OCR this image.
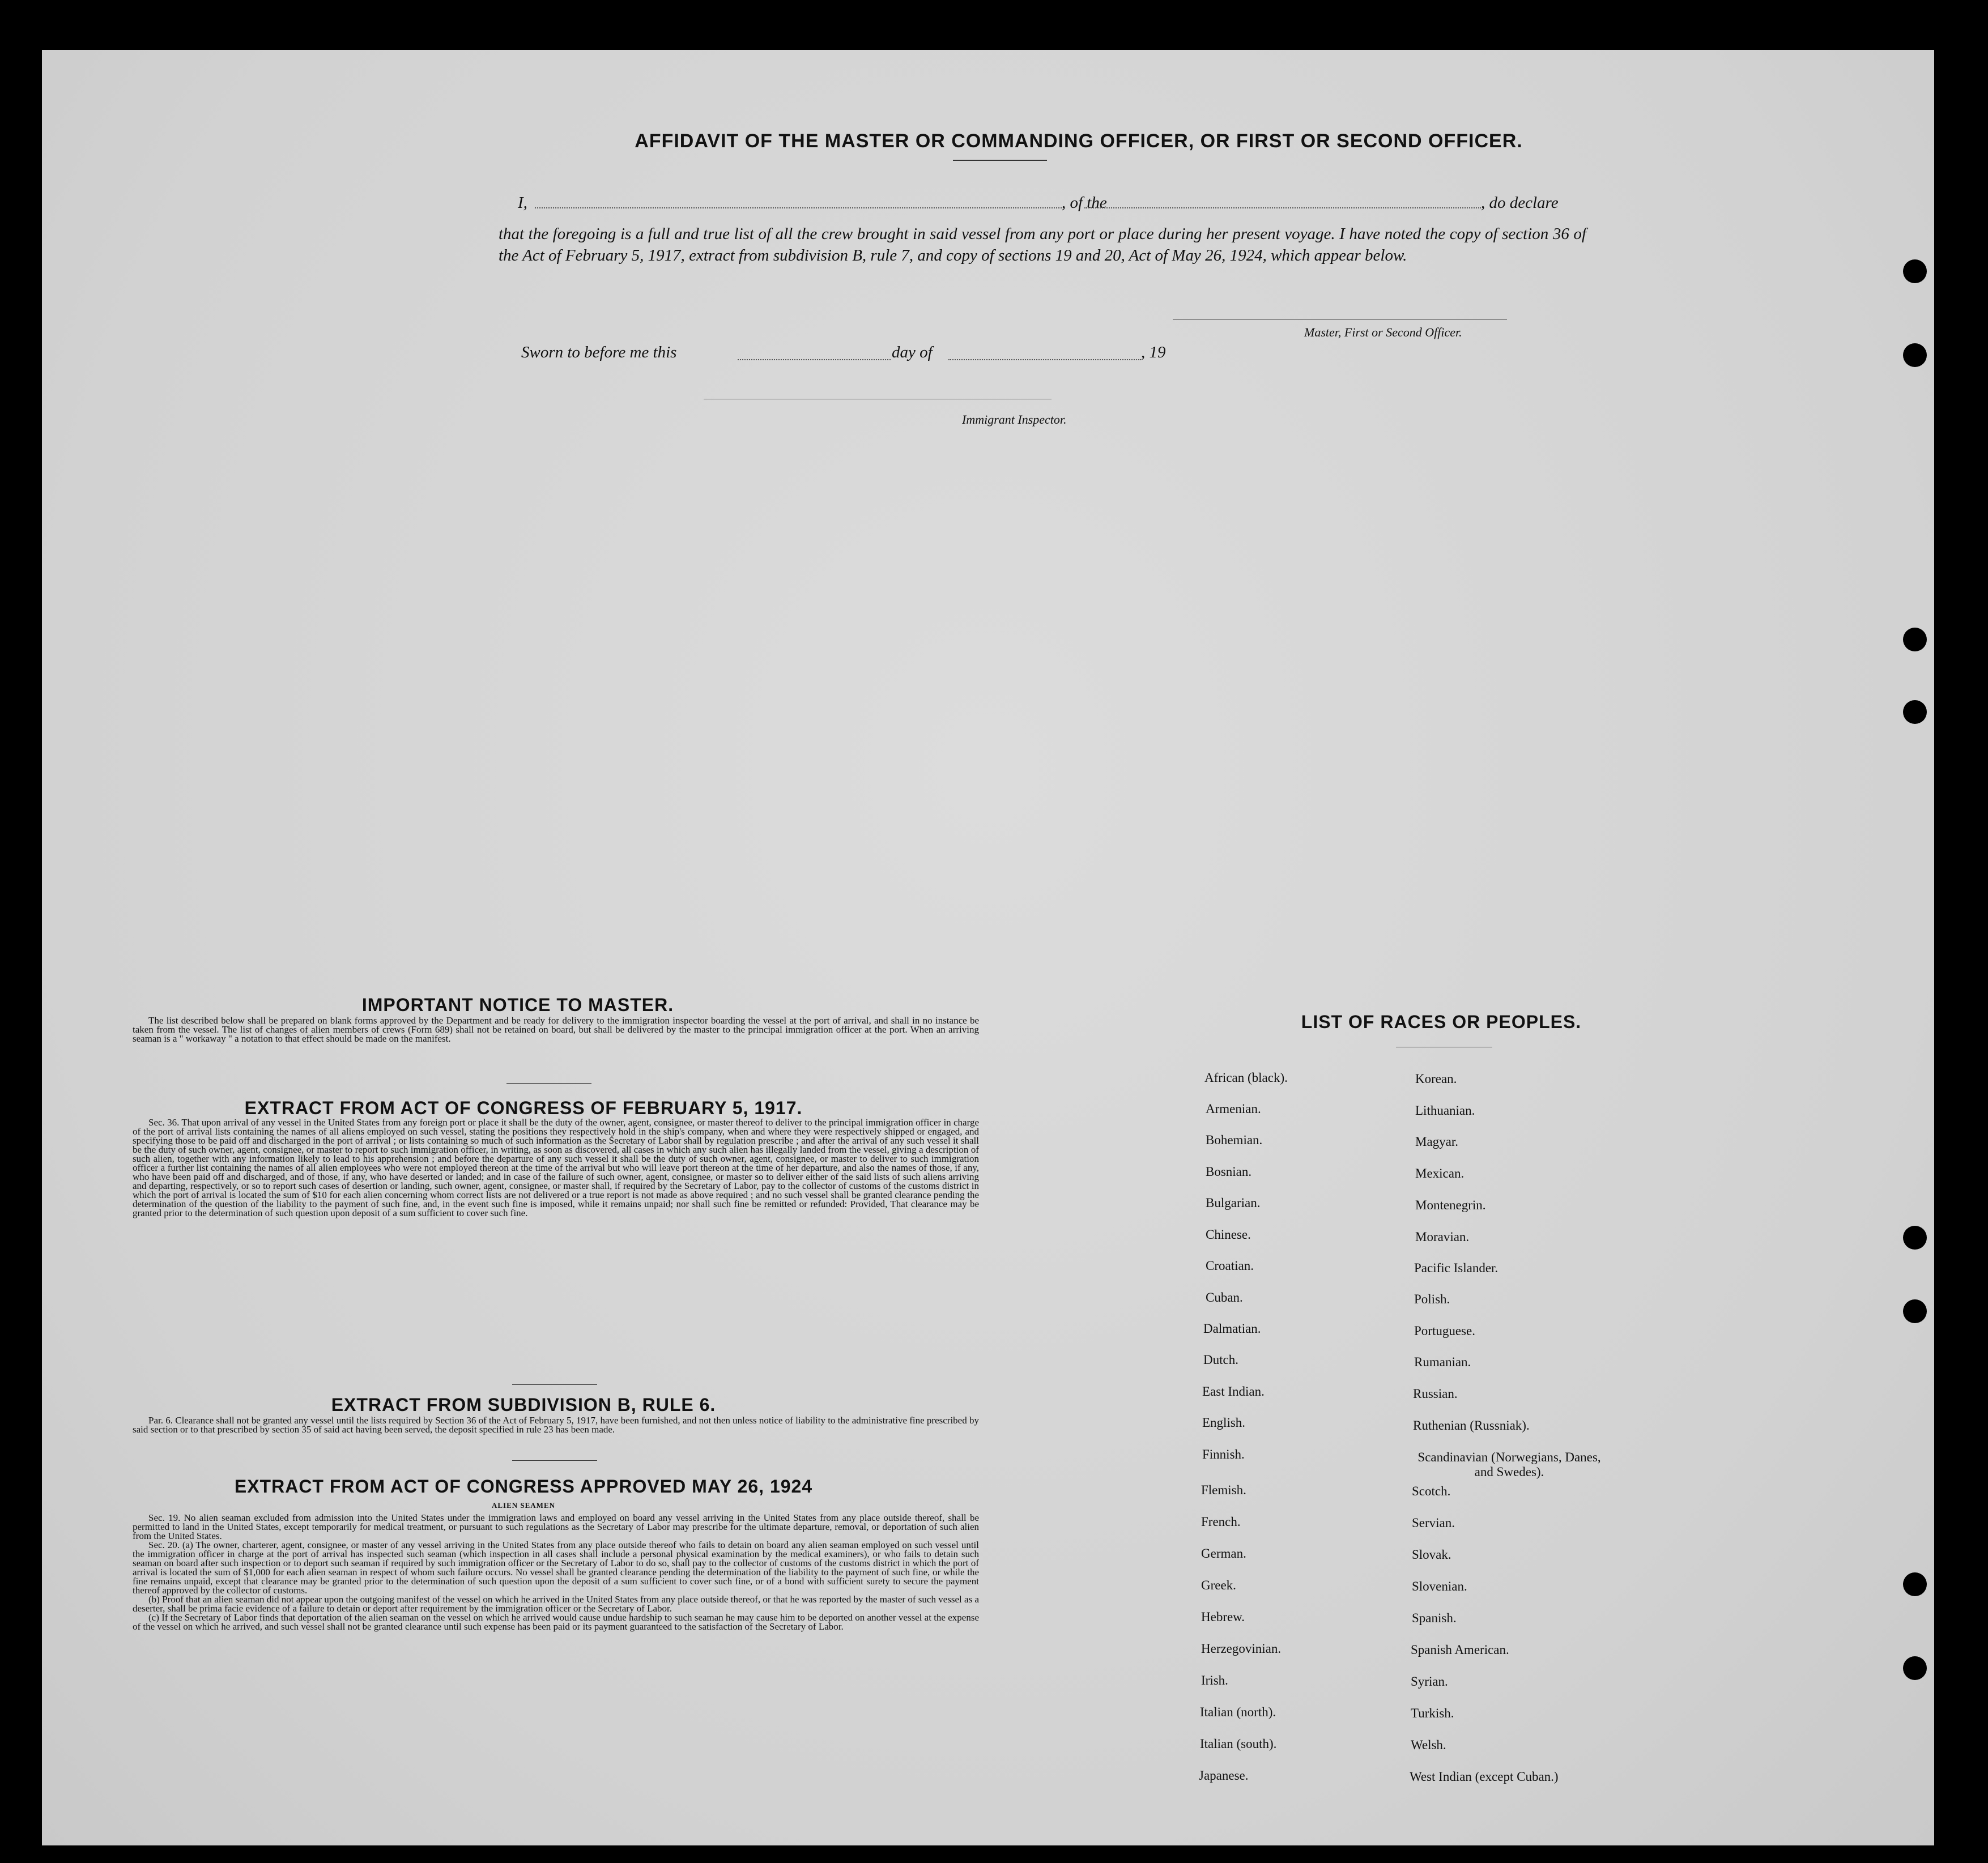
AFFIDAVIT OF THE MASTER OR COMMANDING OFFICER, OR FIRST OR SECOND OFFICER.
I,	, of the	, do declare
that the foregoing is a full and true list of all the crew brought in said vessel from any port or place during her present voyage. I have noted the copy of section 36 of the Act of February 5, 1917, extract from subdivision B, rule 7, and copy of sections 19 and 20, Act of May 26, 1924, which appear below.
Master, First or Second Officer.
Sworn to before me this	day of	, 19
Immigrant Inspector.
IMPORTANT NOTICE TO MASTER.

The list described below shall be prepared on blank forms approved by the Department and be ready for delivery to the immigration inspector boarding the vessel at the port of arrival, and shall in no instance be taken from the vessel. The list of changes of alien members of crews (Form 689) shall not be retained on board, but shall be delivered by the master to the principal immigration officer at the port. When an arriving seaman is a " workaway " a notation to that effect should be made on the manifest.

EXTRACT FROM ACT OF CONGRESS OF FEBRUARY 5, 1917.

Sec. 36. That upon arrival of any vessel in the United States from any foreign port or place it shall be the duty of the owner, agent, consignee, or master thereof to deliver to the principal immigration officer in charge of the port of arrival lists containing the names of all aliens employed on such vessel, stating the positions they respectively hold in the ship's company, when and where they were respectively shipped or engaged, and specifying those to be paid off and discharged in the port of arrival ; or lists containing so much of such information as the Secretary of Labor shall by regulation prescribe ; and after the arrival of any such vessel it shall be the duty of such owner, agent, consignee, or master to report to such immigration officer, in writing, as soon as discovered, all cases in which any such alien has illegally landed from the vessel, giving a description of such alien, together with any information likely to lead to his apprehension ; and before the departure of any such vessel it shall be the duty of such owner, agent, consignee, or master to deliver to such immigration officer a further list containing the names of all alien employees who were not employed thereon at the time of the arrival but who will leave port thereon at the time of her departure, and also the names of those, if any, who have been paid off and discharged, and of those, if any, who have deserted or landed; and in case of the failure of such owner, agent, consignee, or master so to deliver either of the said lists of such aliens arriving and departing, respectively, or so to report such cases of desertion or landing, such owner, agent, consignee, or master shall, if required by the Secretary of Labor, pay to the collector of customs of the customs district in which the port of arrival is located the sum of $10 for each alien concerning whom correct lists are not delivered or a true report is not made as above required ; and no such vessel shall be granted clearance pending the determination of the question of the liability to the payment of such fine, and, in the event such fine is imposed, while it remains unpaid; nor shall such fine be remitted or refunded: Provided, That clearance may be granted prior to the determination of such question upon deposit of a sum sufficient to cover such fine.

EXTRACT FROM SUBDIVISION B, RULE 6.

Par. 6. Clearance shall not be granted any vessel until the lists required by Section 36 of the Act of February 5, 1917, have been furnished, and not then unless notice of liability to the administrative fine prescribed by said section or to that prescribed by section 35 of said act having been served, the deposit specified in rule 23 has been made.

EXTRACT FROM ACT OF CONGRESS APPROVED MAY 26, 1924
ALIEN SEAMEN

Sec. 19. No alien seaman excluded from admission into the United States under the immigration laws and employed on board any vessel arriving in the United States from any place outside thereof, shall be permitted to land in the United States, except temporarily for medical treatment, or pursuant to such regulations as the Secretary of Labor may prescribe for the ultimate departure, removal, or deportation of such alien from the United States.

Sec. 20. (a) The owner, charterer, agent, consignee, or master of any vessel arriving in the United States from any place outside thereof who fails to detain on board any alien seaman employed on such vessel until the immigration officer in charge at the port of arrival has inspected such seaman (which inspection in all cases shall include a personal physical examination by the medical examiners), or who fails to detain such seaman on board after such inspection or to deport such seaman if required by such immigration officer or the Secretary of Labor to do so, shall pay to the collector of customs of the customs district in which the port of arrival is located the sum of $1,000 for each alien seaman in respect of whom such failure occurs. No vessel shall be granted clearance pending the determination of the liability to the payment of such fine, or while the fine remains unpaid, except that clearance may be granted prior to the determination of such question upon the deposit of a sum sufficient to cover such fine, or of a bond with sufficient surety to secure the payment thereof approved by the collector of customs.

(b) Proof that an alien seaman did not appear upon the outgoing manifest of the vessel on which he arrived in the United States from any place outside thereof, or that he was reported by the master of such vessel as a deserter, shall be prima facie evidence of a failure to detain or deport after requirement by the immigration officer or the Secretary of Labor.

(c) If the Secretary of Labor finds that deportation of the alien seaman on the vessel on which he arrived would cause undue hardship to such seaman he may cause him to be deported on another vessel at the expense of the vessel on which he arrived, and such vessel shall not be granted clearance until such expense has been paid or its payment guaranteed to the satisfaction of the Secretary of Labor.

LIST OF RACES OR PEOPLES.
African (black).
Armenian.
Bohemian.
Bosnian.
Bulgarian.
Chinese.
Croatian.
Cuban.
Dalmatian.
Dutch.
East Indian.
English.
Finnish.
Flemish.
French.
German.
Greek.
Hebrew.
Herzegovinian.
Irish.
Italian (north).
Italian (south).
Japanese.
Korean.
Lithuanian.
Magyar.
Mexican.
Montenegrin.
Moravian.
Pacific Islander.
Polish.
Portuguese.
Rumanian.
Russian.
Ruthenian (Russniak).
Scandinavian (Norwegians, Danes, and Swedes).
Scotch.
Servian.
Slovak.
Slovenian.
Spanish.
Spanish American.
Syrian.
Turkish.
Welsh.
West Indian (except Cuban.)
